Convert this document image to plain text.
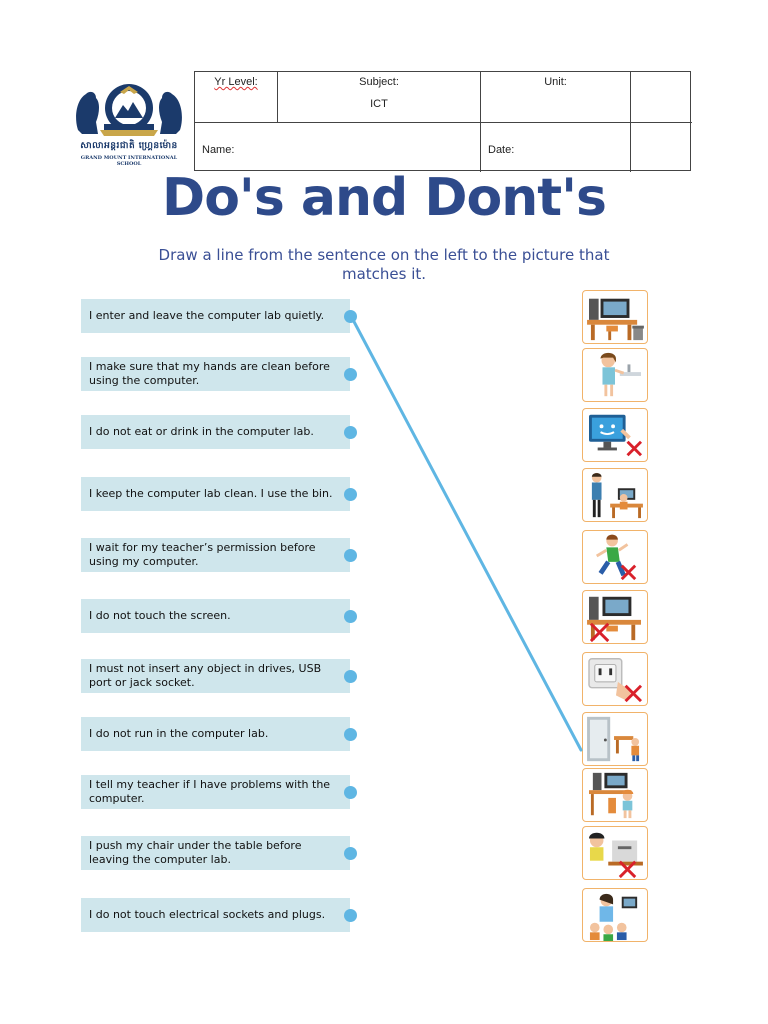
សាលាអន្តរជាតិ ហ្គ្រេនម៉ោន
GRAND MOUNT INTERNATIONAL SCHOOL
Yr Level:	Subject:
ICT
Unit:
Name:	Date:
Do's and Dont's
Draw a line from the sentence on the left to the picture that matches it.
I enter and leave the computer lab quietly.
I make sure that my hands are clean before using the computer.
I do not eat or drink in the computer lab.
I keep the computer lab clean. I use the bin.
I wait for my teacher’s permission before using my computer.
I do not touch the screen.
I must not insert any object in drives, USB port or jack socket.
I do not run in the computer lab.
I tell my teacher if I have problems with the computer.
I push my chair under the table before leaving the computer lab.
I do not touch electrical sockets and plugs.
